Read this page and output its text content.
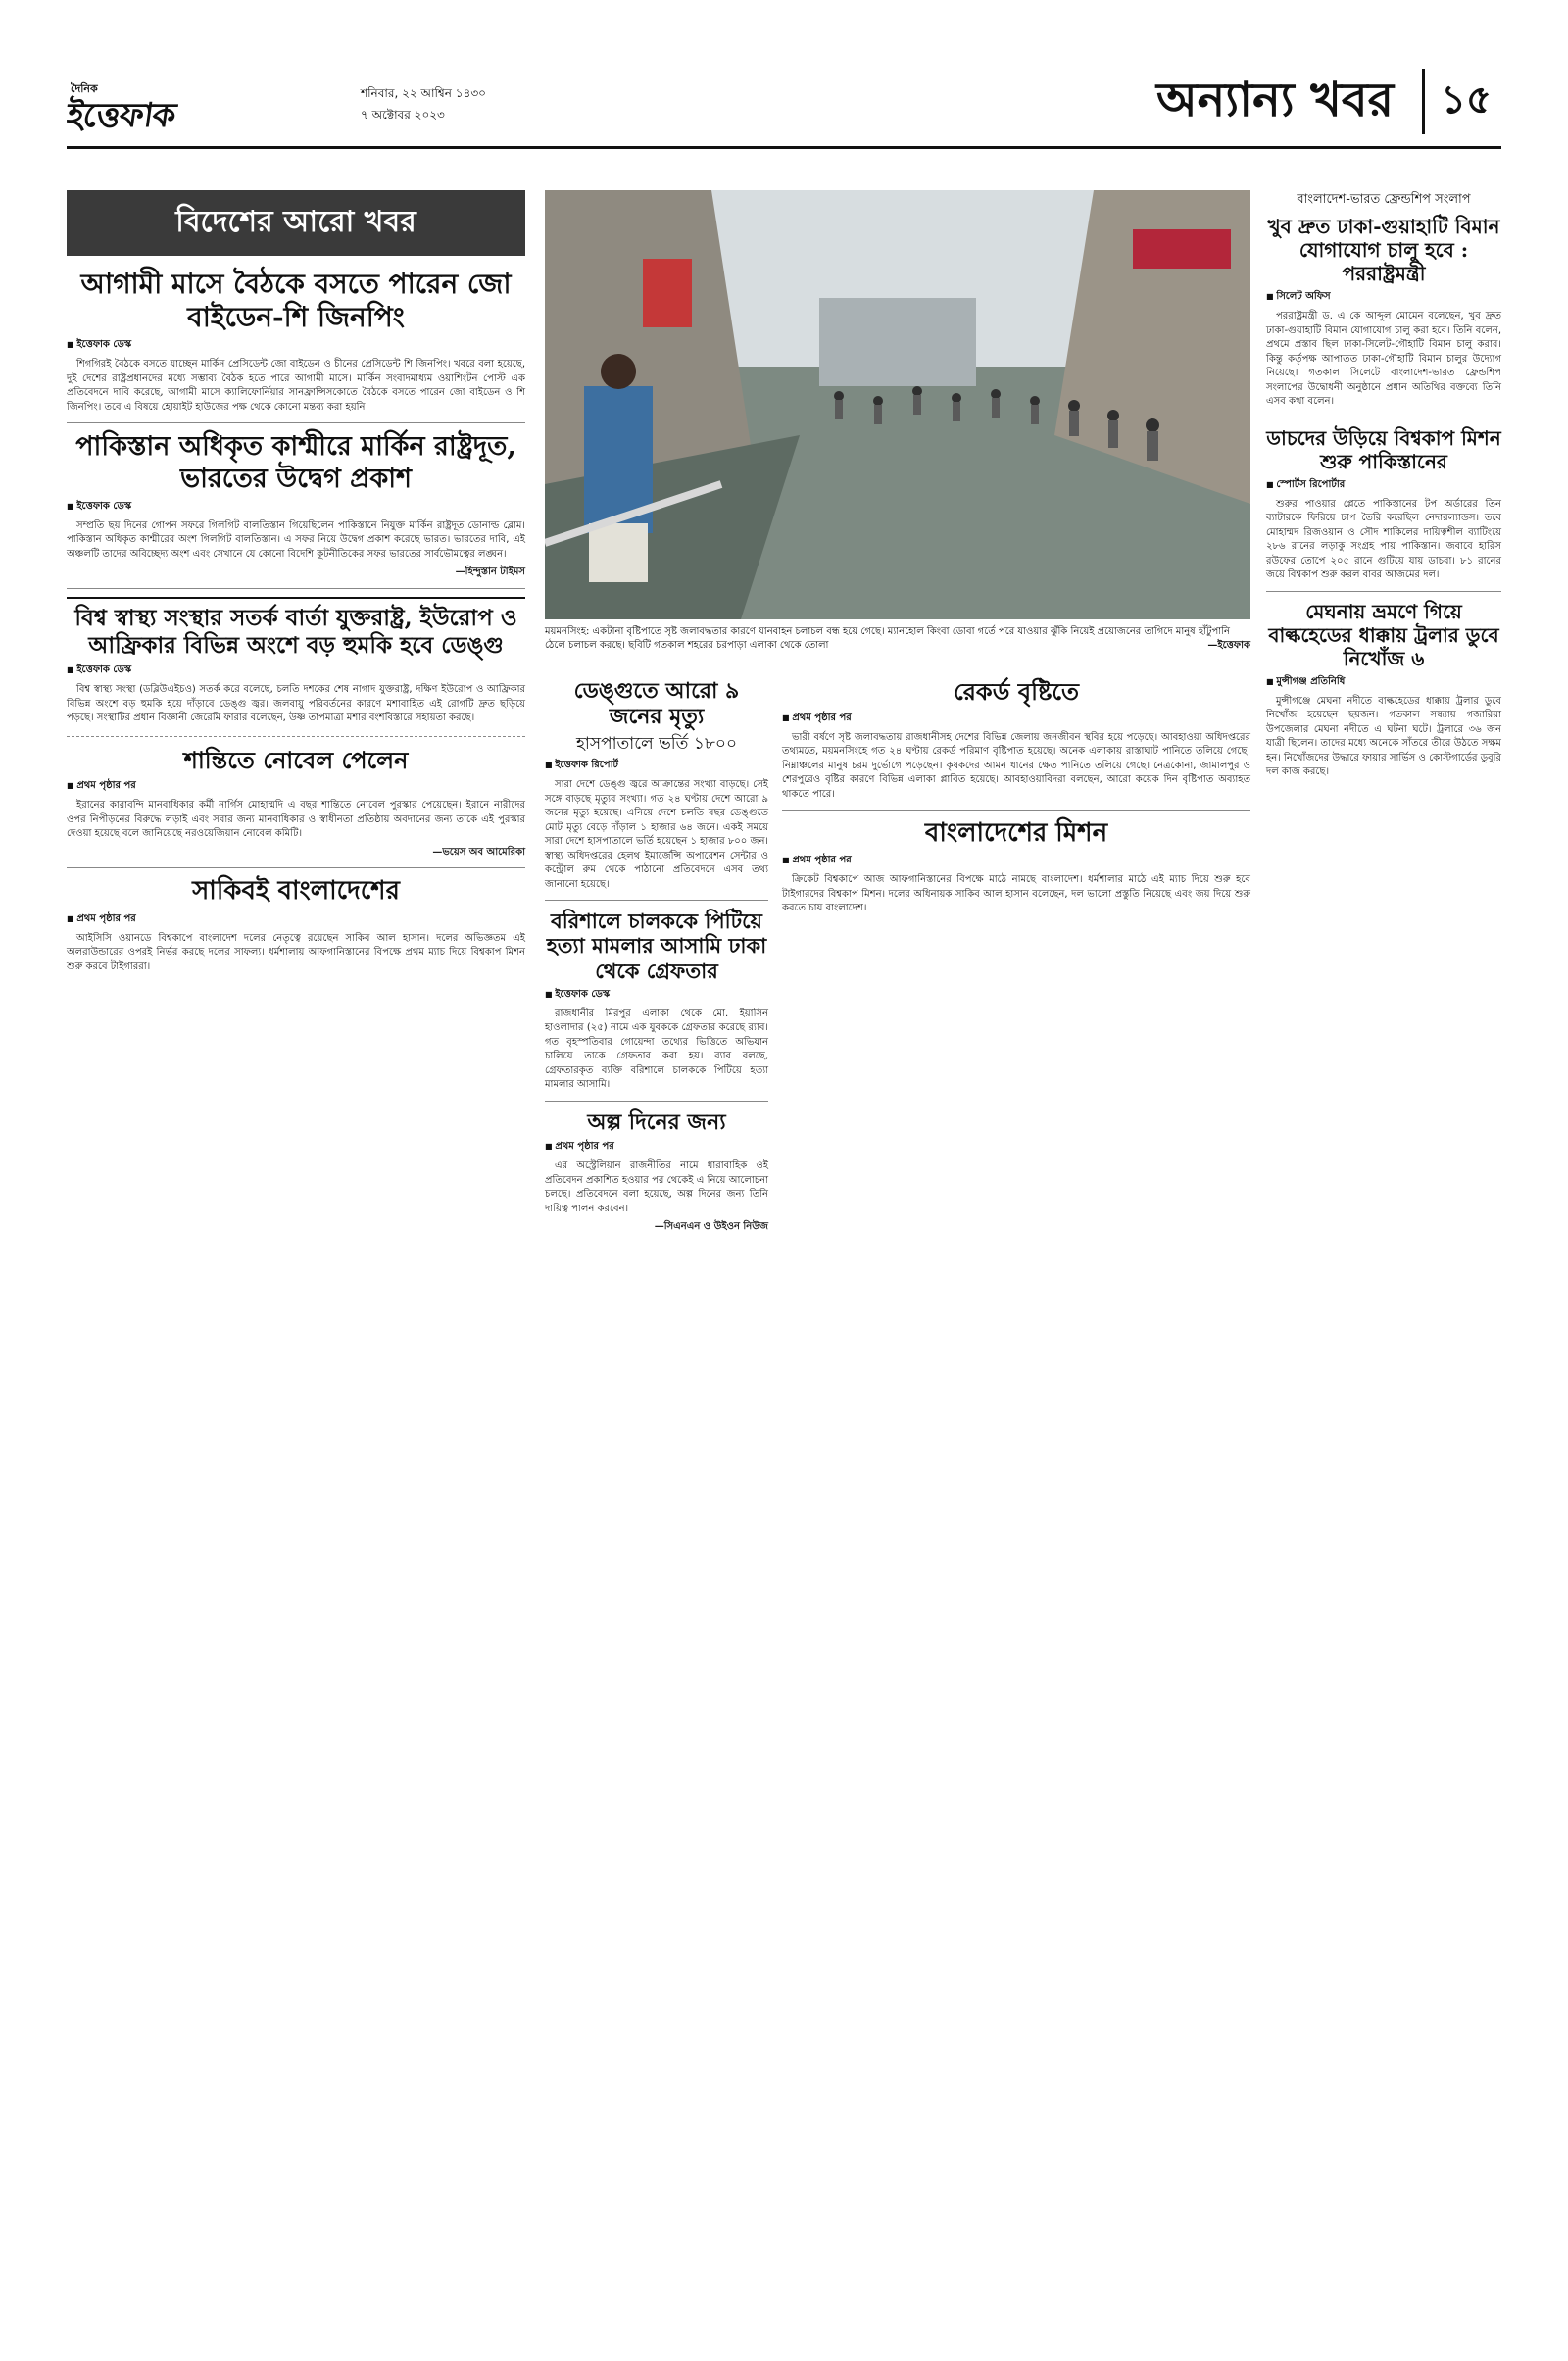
দৈনিক
ইত্তেফাক
শনিবার, ২২ আশ্বিন ১৪৩০
৭ অক্টোবর ২০২৩	অন্যান্য খবর	১৫
বিদেশের আরো খবর
আগামী মাসে বৈঠকে বসতে পারেন জো বাইডেন-শি জিনপিং
■ ইত্তেফাক ডেস্ক

শিগগিরই বৈঠকে বসতে যাচ্ছেন মার্কিন প্রেসিডেন্ট জো বাইডেন ও চীনের প্রেসিডেন্ট শি জিনপিং। খবরে বলা হয়েছে, দুই দেশের রাষ্ট্রপ্রধানদের মধ্যে সম্ভাব্য বৈঠক হতে পারে আগামী মাসে। মার্কিন সংবাদমাধ্যম ওয়াশিংটন পোস্ট এক প্রতিবেদনে দাবি করেছে, আগামী মাসে ক্যালিফোর্নিয়ার সানফ্রান্সিসকোতে বৈঠকে বসতে পারেন জো বাইডেন ও শি জিনপিং। তবে এ বিষয়ে হোয়াইট হাউজের পক্ষ থেকে কোনো মন্তব্য করা হয়নি।

পাকিস্তান অধিকৃত কাশ্মীরে মার্কিন রাষ্ট্রদূত, ভারতের উদ্বেগ প্রকাশ
■ ইত্তেফাক ডেস্ক

সম্প্রতি ছয় দিনের গোপন সফরে গিলগিট বালতিস্তান গিয়েছিলেন পাকিস্তানে নিযুক্ত মার্কিন রাষ্ট্রদূত ডোনাল্ড ব্লোম। পাকিস্তান অধিকৃত কাশ্মীরের অংশ গিলগিট বালতিস্তান। এ সফর নিয়ে উদ্বেগ প্রকাশ করেছে ভারত। ভারতের দাবি, এই অঞ্চলটি তাদের অবিচ্ছেদ্য অংশ এবং সেখানে যে কোনো বিদেশি কূটনীতিকের সফর ভারতের সার্বভৌমত্বের লঙ্ঘন।

—হিন্দুস্তান টাইমস
বিশ্ব স্বাস্থ্য সংস্থার সতর্ক বার্তা যুক্তরাষ্ট্র, ইউরোপ ও আফ্রিকার বিভিন্ন অংশে বড় হুমকি হবে ডেঙ্গু
■ ইত্তেফাক ডেস্ক

বিশ্ব স্বাস্থ্য সংস্থা (ডব্লিউএইচও) সতর্ক করে বলেছে, চলতি দশকের শেষ নাগাদ যুক্তরাষ্ট্র, দক্ষিণ ইউরোপ ও আফ্রিকার বিভিন্ন অংশে বড় হুমকি হয়ে দাঁড়াবে ডেঙ্গু জ্বর। জলবায়ু পরিবর্তনের কারণে মশাবাহিত এই রোগটি দ্রুত ছড়িয়ে পড়ছে। সংস্থাটির প্রধান বিজ্ঞানী জেরেমি ফারার বলেছেন, উষ্ণ তাপমাত্রা মশার বংশবিস্তারে সহায়তা করছে।

শান্তিতে নোবেল পেলেন
■ প্রথম পৃষ্ঠার পর

ইরানের কারাবন্দি মানবাধিকার কর্মী নার্গিস মোহাম্মদি এ বছর শান্তিতে নোবেল পুরস্কার পেয়েছেন। ইরানে নারীদের ওপর নিপীড়নের বিরুদ্ধে লড়াই এবং সবার জন্য মানবাধিকার ও স্বাধীনতা প্রতিষ্ঠায় অবদানের জন্য তাকে এই পুরস্কার দেওয়া হয়েছে বলে জানিয়েছে নরওয়েজিয়ান নোবেল কমিটি।

—ভয়েস অব আমেরিকা
সাকিবই বাংলাদেশের
■ প্রথম পৃষ্ঠার পর

আইসিসি ওয়ানডে বিশ্বকাপে বাংলাদেশ দলের নেতৃত্বে রয়েছেন সাকিব আল হাসান। দলের অভিজ্ঞতম এই অলরাউন্ডারের ওপরই নির্ভর করছে দলের সাফল্য। ধর্মশালায় আফগানিস্তানের বিপক্ষে প্রথম ম্যাচ দিয়ে বিশ্বকাপ মিশন শুরু করবে টাইগাররা।

ময়মনসিংহ: একটানা বৃষ্টিপাতে সৃষ্ট জলাবদ্ধতার কারণে যানবাহন চলাচল বন্ধ হয়ে গেছে। ম্যানহোল কিংবা ডোবা গর্তে পরে যাওয়ার ঝুঁকি নিয়েই প্রয়োজনের তাগিদে মানুষ হাঁটুপানি ঠেলে চলাচল করছে। ছবিটি গতকাল শহরের চরপাড়া এলাকা থেকে তোলা	—ইত্তেফাক
ডেঙ্গুতে আরো ৯ জনের মৃত্যু
হাসপাতালে ভর্তি ১৮০০
■ ইত্তেফাক রিপোর্ট

সারা দেশে ডেঙ্গু জ্বরে আক্রান্তের সংখ্যা বাড়ছে। সেই সঙ্গে বাড়ছে মৃত্যুর সংখ্যা। গত ২৪ ঘণ্টায় দেশে আরো ৯ জনের মৃত্যু হয়েছে। এনিয়ে দেশে চলতি বছর ডেঙ্গুতে মোট মৃত্যু বেড়ে দাঁড়াল ১ হাজার ৬৪ জনে। একই সময়ে সারা দেশে হাসপাতালে ভর্তি হয়েছেন ১ হাজার ৮০০ জন। স্বাস্থ্য অধিদপ্তরের হেলথ ইমার্জেন্সি অপারেশন সেন্টার ও কন্ট্রোল রুম থেকে পাঠানো প্রতিবেদনে এসব তথ্য জানানো হয়েছে।

বরিশালে চালককে পিটিয়ে হত্যা মামলার আসামি ঢাকা থেকে গ্রেফতার
■ ইত্তেফাক ডেস্ক

রাজধানীর মিরপুর এলাকা থেকে মো. ইয়াসিন হাওলাদার (২৫) নামে এক যুবককে গ্রেফতার করেছে র‍্যাব। গত বৃহস্পতিবার গোয়েন্দা তথ্যের ভিত্তিতে অভিযান চালিয়ে তাকে গ্রেফতার করা হয়। র‍্যাব বলছে, গ্রেফতারকৃত ব্যক্তি বরিশালে চালককে পিটিয়ে হত্যা মামলার আসামি।

অল্প দিনের জন্য
■ প্রথম পৃষ্ঠার পর

এর অস্ট্রেলিয়ান রাজনীতির নামে ধারাবাহিক ওই প্রতিবেদন প্রকাশিত হওয়ার পর থেকেই এ নিয়ে আলোচনা চলছে। প্রতিবেদনে বলা হয়েছে, অল্প দিনের জন্য তিনি দায়িত্ব পালন করবেন।

—সিএনএন ও উইওন নিউজ
রেকর্ড বৃষ্টিতে
■ প্রথম পৃষ্ঠার পর

ভারী বর্ষণে সৃষ্ট জলাবদ্ধতায় রাজধানীসহ দেশের বিভিন্ন জেলায় জনজীবন স্থবির হয়ে পড়েছে। আবহাওয়া অধিদপ্তরের তথ্যমতে, ময়মনসিংহে গত ২৪ ঘণ্টায় রেকর্ড পরিমাণ বৃষ্টিপাত হয়েছে। অনেক এলাকায় রাস্তাঘাট পানিতে তলিয়ে গেছে। নিম্নাঞ্চলের মানুষ চরম দুর্ভোগে পড়েছেন। কৃষকদের আমন ধানের ক্ষেত পানিতে তলিয়ে গেছে। নেত্রকোনা, জামালপুর ও শেরপুরেও বৃষ্টির কারণে বিভিন্ন এলাকা প্লাবিত হয়েছে। আবহাওয়াবিদরা বলছেন, আরো কয়েক দিন বৃষ্টিপাত অব্যাহত থাকতে পারে।

বাংলাদেশের মিশন
■ প্রথম পৃষ্ঠার পর

ক্রিকেট বিশ্বকাপে আজ আফগানিস্তানের বিপক্ষে মাঠে নামছে বাংলাদেশ। ধর্মশালার মাঠে এই ম্যাচ দিয়ে শুরু হবে টাইগারদের বিশ্বকাপ মিশন। দলের অধিনায়ক সাকিব আল হাসান বলেছেন, দল ভালো প্রস্তুতি নিয়েছে এবং জয় দিয়ে শুরু করতে চায় বাংলাদেশ।

বাংলাদেশ-ভারত ফ্রেন্ডশিপ সংলাপ
খুব দ্রুত ঢাকা-গুয়াহাটি বিমান যোগাযোগ চালু হবে : পররাষ্ট্রমন্ত্রী
■ সিলেট অফিস

পররাষ্ট্রমন্ত্রী ড. এ কে আব্দুল মোমেন বলেছেন, খুব দ্রুত ঢাকা-গুয়াহাটি বিমান যোগাযোগ চালু করা হবে। তিনি বলেন, প্রথমে প্রস্তাব ছিল ঢাকা-সিলেট-গৌহাটি বিমান চালু করার। কিন্তু কর্তৃপক্ষ আপাতত ঢাকা-গৌহাটি বিমান চালুর উদ্যোগ নিয়েছে। গতকাল সিলেটে বাংলাদেশ-ভারত ফ্রেন্ডশিপ সংলাপের উদ্বোধনী অনুষ্ঠানে প্রধান অতিথির বক্তব্যে তিনি এসব কথা বলেন।

ডাচদের উড়িয়ে বিশ্বকাপ মিশন শুরু পাকিস্তানের
■ স্পোর্টস রিপোর্টার

শুরুর পাওয়ার প্লেতে পাকিস্তানের টপ অর্ডারের তিন ব্যাটারকে ফিরিয়ে চাপ তৈরি করেছিল নেদারল্যান্ডস। তবে মোহাম্মদ রিজওয়ান ও সৌদ শাকিলের দায়িত্বশীল ব্যাটিংয়ে ২৮৬ রানের লড়াকু সংগ্রহ পায় পাকিস্তান। জবাবে হারিস রউফের তোপে ২০৫ রানে গুটিয়ে যায় ডাচরা। ৮১ রানের জয়ে বিশ্বকাপ শুরু করল বাবর আজমের দল।

মেঘনায় ভ্রমণে গিয়ে বাল্কহেডের ধাক্কায় ট্রলার ডুবে নিখোঁজ ৬
■ মুন্সীগঞ্জ প্রতিনিধি

মুন্সীগঞ্জে মেঘনা নদীতে বাল্কহেডের ধাক্কায় ট্রলার ডুবে নিখোঁজ হয়েছেন ছয়জন। গতকাল সন্ধ্যায় গজারিয়া উপজেলার মেঘনা নদীতে এ ঘটনা ঘটে। ট্রলারে ৩৬ জন যাত্রী ছিলেন। তাদের মধ্যে অনেকে সাঁতরে তীরে উঠতে সক্ষম হন। নিখোঁজদের উদ্ধারে ফায়ার সার্ভিস ও কোস্টগার্ডের ডুবুরি দল কাজ করছে।
